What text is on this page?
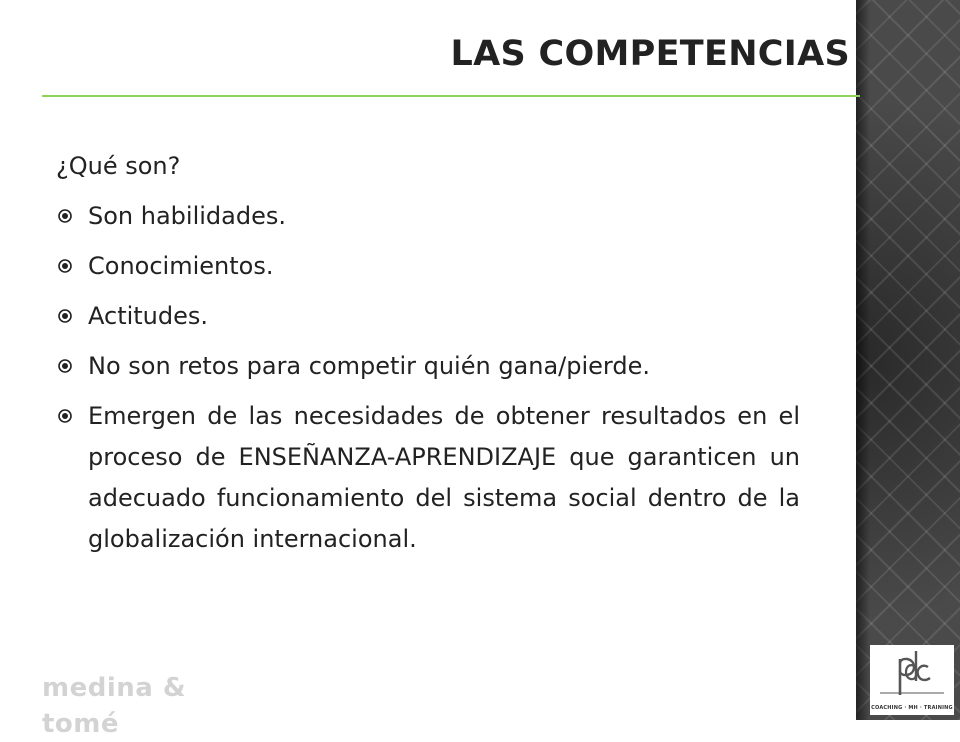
LAS COMPETENCIAS

¿Qué son?

Son habilidades.
Conocimientos.
Actitudes.
No son retos para competir quién gana/pierde.
Emergen de las necesidades de obtener resultados en el proceso de ENSEÑANZA-APRENDIZAJE que garanticen un adecuado funcionamiento del sistema social dentro de la globalización internacional.
medina &
tomé
COACHING · MH · TRAINING
